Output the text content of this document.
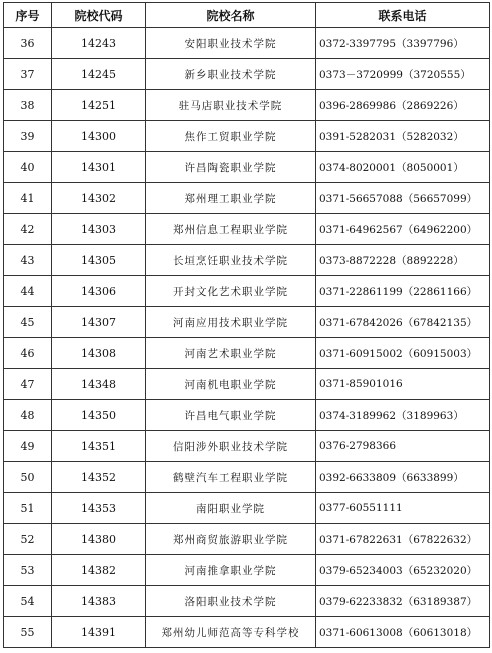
序号	院校代码	院校名称	联系电话
36	14243	安阳职业技术学院	0372-3397795（3397796）
37	14245	新乡职业技术学院	0373－3720999（3720555）
38	14251	驻马店职业技术学院	0396-2869986（2869226）
39	14300	焦作工贸职业学院	0391-5282031（5282032）
40	14301	许昌陶瓷职业学院	0374-8020001（8050001）
41	14302	郑州理工职业学院	0371-56657088（56657099）
42	14303	郑州信息工程职业学院	0371-64962567（64962200）
43	14305	长垣烹饪职业技术学院	0373-8872228（8892228）
44	14306	开封文化艺术职业学院	0371-22861199（22861166）
45	14307	河南应用技术职业学院	0371-67842026（67842135）
46	14308	河南艺术职业学院	0371-60915002（60915003）
47	14348	河南机电职业学院	0371-85901016
48	14350	许昌电气职业学院	0374-3189962（3189963）
49	14351	信阳涉外职业技术学院	0376-2798366
50	14352	鹤壁汽车工程职业学院	0392-6633809（6633899）
51	14353	南阳职业学院	0377-60551111
52	14380	郑州商贸旅游职业学院	0371-67822631（67822632）
53	14382	河南推拿职业学院	0379-65234003（65232020）
54	14383	洛阳职业技术学院	0379-62233832（63189387）
55	14391	郑州幼儿师范高等专科学校	0371-60613008（60613018）
